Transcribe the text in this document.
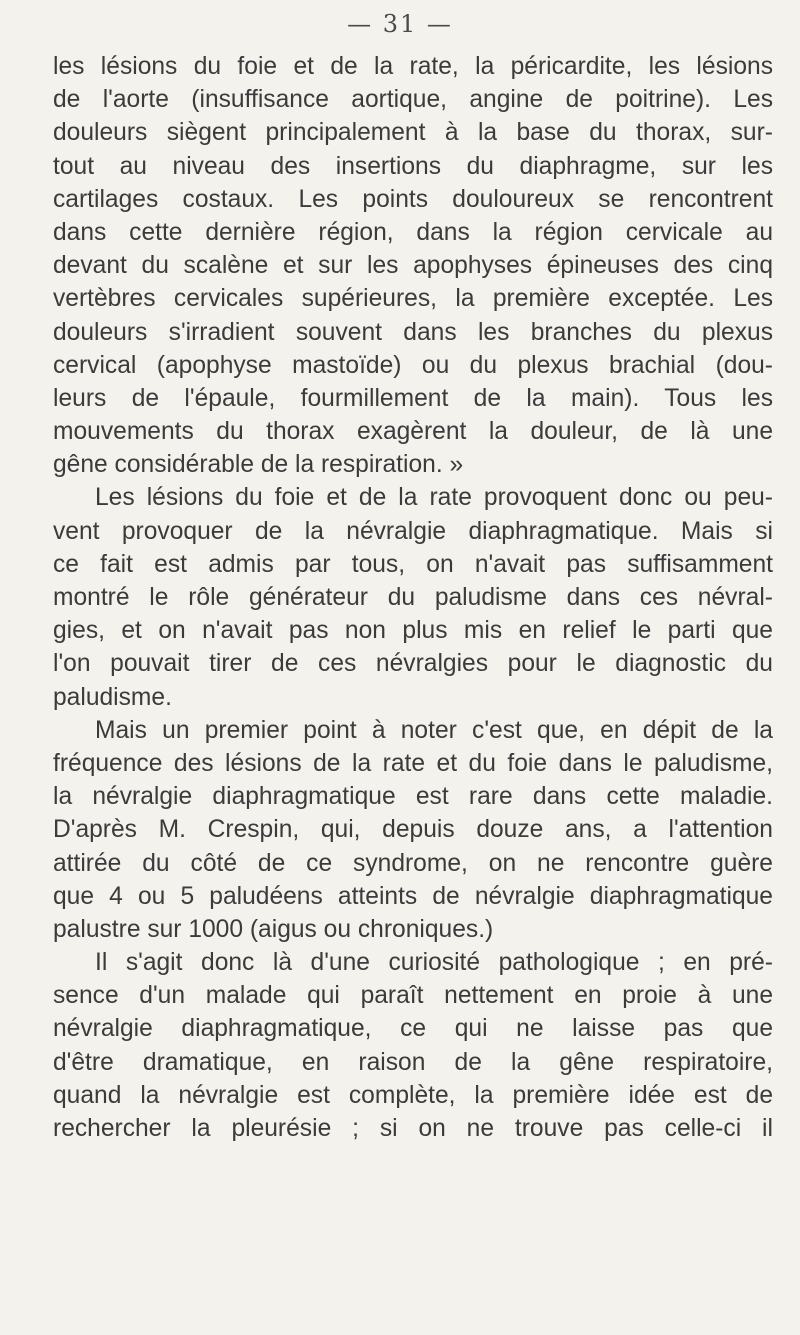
— 31 —
les lésions du foie et de la rate, la péricardite, les lésions
de l'aorte (insuffisance aortique, angine de poitrine). Les
douleurs siègent principalement à la base du thorax, sur-
tout au niveau des insertions du diaphragme, sur les
cartilages costaux. Les points douloureux se rencontrent
dans cette dernière région, dans la région cervicale au
devant du scalène et sur les apophyses épineuses des cinq
vertèbres cervicales supérieures, la première exceptée. Les
douleurs s'irradient souvent dans les branches du plexus
cervical (apophyse mastoïde) ou du plexus brachial (dou-
leurs de l'épaule, fourmillement de la main). Tous les
mouvements du thorax exagèrent la douleur, de là une
gêne considérable de la respiration. »
Les lésions du foie et de la rate provoquent donc ou peu-
vent provoquer de la névralgie diaphragmatique. Mais si
ce fait est admis par tous, on n'avait pas suffisamment
montré le rôle générateur du paludisme dans ces névral-
gies, et on n'avait pas non plus mis en relief le parti que
l'on pouvait tirer de ces névralgies pour le diagnostic du
paludisme.
Mais un premier point à noter c'est que, en dépit de la
fréquence des lésions de la rate et du foie dans le paludisme,
la névralgie diaphragmatique est rare dans cette maladie.
D'après M. Crespin, qui, depuis douze ans, a l'attention
attirée du côté de ce syndrome, on ne rencontre guère
que 4 ou 5 paludéens atteints de névralgie diaphragmatique
palustre sur 1000 (aigus ou chroniques.)
Il s'agit donc là d'une curiosité pathologique ; en pré-
sence d'un malade qui paraît nettement en proie à une
névralgie diaphragmatique, ce qui ne laisse pas que
d'être dramatique, en raison de la gêne respiratoire,
quand la névralgie est complète, la première idée est de
rechercher la pleurésie ; si on ne trouve pas celle-ci il
